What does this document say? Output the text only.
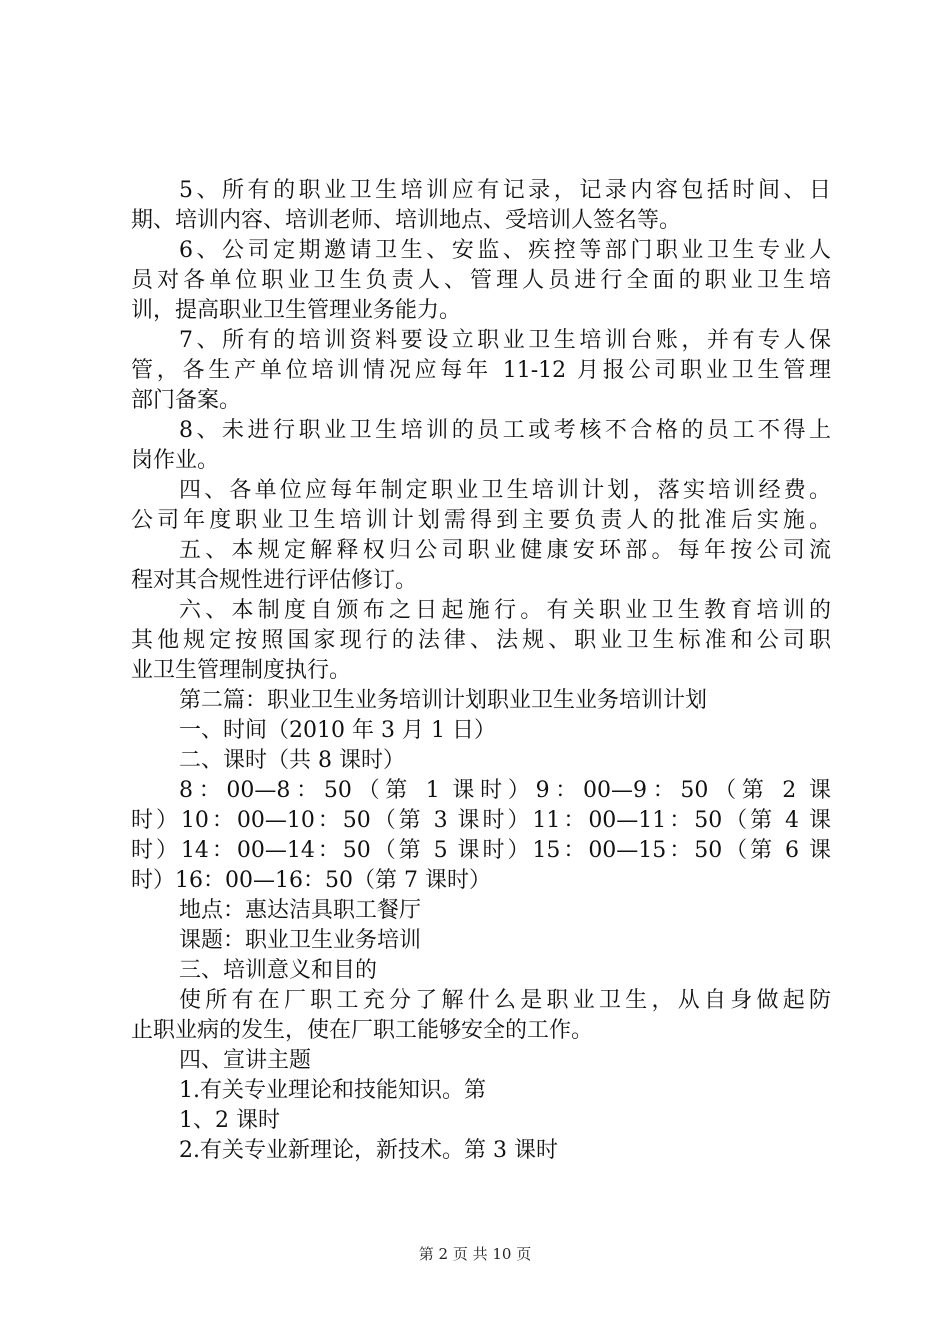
5、所有的职业卫生培训应有记录，记录内容包括时间、日
期、培训内容、培训老师、培训地点、受培训人签名等。
6、公司定期邀请卫生、安监、疾控等部门职业卫生专业人
员对各单位职业卫生负责人、管理人员进行全面的职业卫生培
训，提高职业卫生管理业务能力。
7、所有的培训资料要设立职业卫生培训台账，并有专人保
管，各生产单位培训情况应每年 11-12 月报公司职业卫生管理
部门备案。
8、未进行职业卫生培训的员工或考核不合格的员工不得上
岗作业。
四、各单位应每年制定职业卫生培训计划，落实培训经费。
公司年度职业卫生培训计划需得到主要负责人的批准后实施。
五、本规定解释权归公司职业健康安环部。每年按公司流
程对其合规性进行评估修订。
六、本制度自颁布之日起施行。有关职业卫生教育培训的
其他规定按照国家现行的法律、法规、职业卫生标准和公司职
业卫生管理制度执行。
第二篇：职业卫生业务培训计划职业卫生业务培训计划
一、时间（2010 年 3 月 1 日）
二、课时（共 8 课时）
8：00—8：50（第 1 课时）9：00—9：50（第 2 课
时）10：00—10：50（第 3 课时）11：00—11：50（第 4 课
时）14：00—14：50（第 5 课时）15：00—15：50（第 6 课
时）16：00—16：50（第 7 课时）
地点：惠达洁具职工餐厅
课题：职业卫生业务培训
三、培训意义和目的
使所有在厂职工充分了解什么是职业卫生，从自身做起防
止职业病的发生，使在厂职工能够安全的工作。
四、宣讲主题
1.有关专业理论和技能知识。第
1、2 课时
2.有关专业新理论，新技术。第 3 课时
第 2 页 共 10 页
